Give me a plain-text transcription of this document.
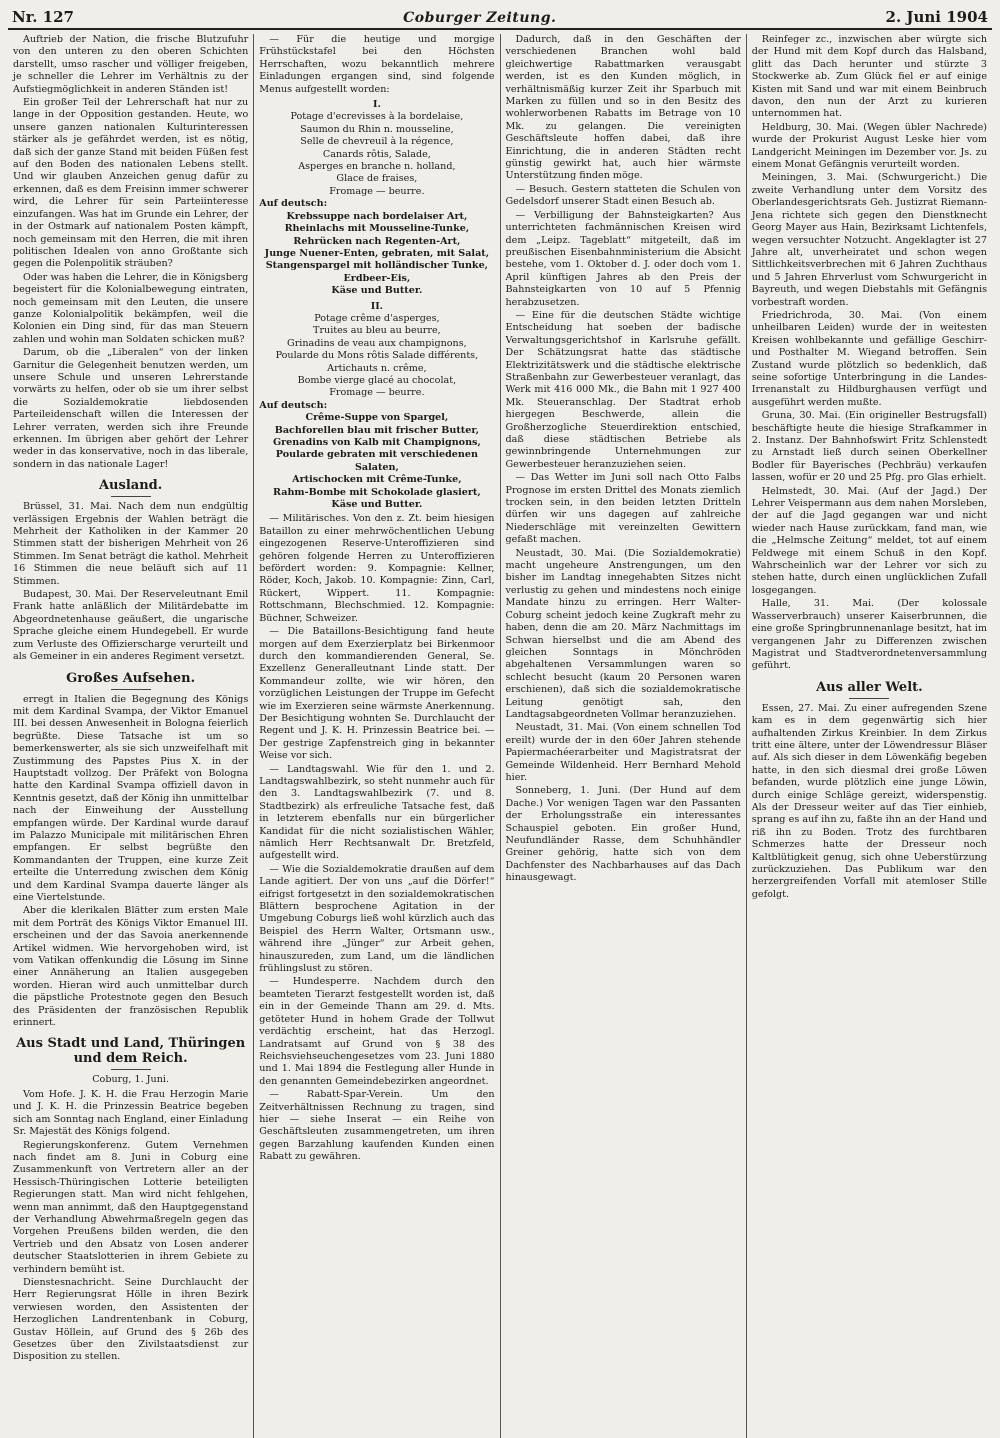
Nr. 127	Coburger Zeitung.	2. Juni 1904

Auftrieb der Nation, die frische Blutzufuhr von den unteren zu den oberen Schichten darstellt, umso rascher und völliger freigeben, je schneller die Lehrer im Verhältnis zu der Aufstiegmöglichkeit in anderen Ständen ist!

Ein großer Teil der Lehrerschaft hat nur zu lange in der Opposition gestanden. Heute, wo unsere ganzen nationalen Kulturinteressen stärker als je gefährdet werden, ist es nötig, daß sich der ganze Stand mit beiden Füßen fest auf den Boden des nationalen Lebens stellt. Und wir glauben Anzeichen genug dafür zu erkennen, daß es dem Freisinn immer schwerer wird, die Lehrer für sein Parteiinteresse einzufangen. Was hat im Grunde ein Lehrer, der in der Ostmark auf nationalem Posten kämpft, noch gemeinsam mit den Herren, die mit ihren politischen Idealen von anno Großtante sich gegen die Polenpolitik sträuben?

Oder was haben die Lehrer, die in Königsberg begeistert für die Kolonialbewegung eintraten, noch gemeinsam mit den Leuten, die unsere ganze Kolonialpolitik bekämpfen, weil die Kolonien ein Ding sind, für das man Steuern zahlen und wohin man Soldaten schicken muß?

Darum, ob die „Liberalen“ von der linken Garnitur die Gelegenheit benutzen werden, um unsere Schule und unseren Lehrerstande vorwärts zu helfen, oder ob sie um ihrer selbst die Sozialdemokratie liebdosenden Parteileidenschaft willen die Interessen der Lehrer verraten, werden sich ihre Freunde erkennen. Im übrigen aber gehört der Lehrer weder in das konservative, noch in das liberale, sondern in das nationale Lager!

Ausland.

Brüssel, 31. Mai. Nach dem nun endgültig verlässigen Ergebnis der Wahlen beträgt die Mehrheit der Katholiken in der Kammer 20 Stimmen statt der bisherigen Mehrheit von 26 Stimmen. Im Senat beträgt die kathol. Mehrheit 16 Stimmen die neue beläuft sich auf 11 Stimmen.

Budapest, 30. Mai. Der Reserveleutnant Emil Frank hatte anläßlich der Militärdebatte im Abgeordnetenhause geäußert, die ungarische Sprache gleiche einem Hundegebell. Er wurde zum Verluste des Offizierscharge verurteilt und als Gemeiner in ein anderes Regiment versetzt.

Großes Aufsehen.

erregt in Italien die Begegnung des Königs mit dem Kardinal Svampa, der Viktor Emanuel III. bei dessen Anwesenheit in Bologna feierlich begrüßte. Diese Tatsache ist um so bemerkenswerter, als sie sich unzweifelhaft mit Zustimmung des Papstes Pius X. in der Hauptstadt vollzog. Der Präfekt von Bologna hatte den Kardinal Svampa offiziell davon in Kenntnis gesetzt, daß der König ihn unmittelbar nach der Einweihung der Ausstellung empfangen würde. Der Kardinal wurde darauf im Palazzo Municipale mit militärischen Ehren empfangen. Er selbst begrüßte den Kommandanten der Truppen, eine kurze Zeit erteilte die Unterredung zwischen dem König und dem Kardinal Svampa dauerte länger als eine Viertelstunde.

Aber die klerikalen Blätter zum ersten Male mit dem Porträt des Königs Viktor Emanuel III. erscheinen und der das Savoia anerkennende Artikel widmen. Wie hervorgehoben wird, ist vom Vatikan offenkundig die Lösung im Sinne einer Annäherung an Italien ausgegeben worden. Hieran wird auch unmittelbar durch die päpstliche Protestnote gegen den Besuch des Präsidenten der französischen Republik erinnert.

Aus Stadt und Land, Thüringen und dem Reich.
Coburg, 1. Juni.

Vom Hofe. J. K. H. die Frau Herzogin Marie und J. K. H. die Prinzessin Beatrice begeben sich am Sonntag nach England, einer Einladung Sr. Majestät des Königs folgend.

Regierungskonferenz. Gutem Vernehmen nach findet am 8. Juni in Coburg eine Zusammenkunft von Vertretern aller an der Hessisch-Thüringischen Lotterie beteiligten Regierungen statt. Man wird nicht fehlgehen, wenn man annimmt, daß den Hauptgegenstand der Verhandlung Abwehrmaßregeln gegen das Vorgehen Preußens bilden werden, die den Vertrieb und den Absatz von Losen anderer deutscher Staatslotterien in ihrem Gebiete zu verhindern bemüht ist.

Dienstesnachricht. Seine Durchlaucht der Herr Regierungsrat Hölle in ihren Bezirk verwiesen worden, den Assistenten der Herzoglichen Landrentenbank in Coburg, Gustav Höllein, auf Grund des § 26b des Gesetzes über den Zivilstaatsdienst zur Disposition zu stellen.

— Für die heutige und morgige Frühstückstafel bei den Höchsten Herrschaften, wozu bekanntlich mehrere Einladungen ergangen sind, sind folgende Menus aufgestellt worden:

I.
Potage d'ecrevisses à la bordelaise,
Saumon du Rhin n. mousseline,
Selle de chevreuil à la régence,
Canards rôtis, Salade,
Asperges en branche n. holland,
Glace de fraises,
Fromage — beurre.
Auf deutsch:
Krebssuppe nach bordelaiser Art,
Rheinlachs mit Mousseline-Tunke,
Rehrücken nach Regenten-Art,
Junge Nuener-Enten, gebraten, mit Salat,
Stangenspargel mit holländischer Tunke,
Erdbeer-Eis,
Käse und Butter.
II.
Potage crême d'asperges,
Truites au bleu au beurre,
Grinadins de veau aux champignons,
Poularde du Mons rôtis Salade différents,
Artichauts n. crême,
Bombe vierge glacé au chocolat,
Fromage — beurre.
Auf deutsch:
Crême-Suppe von Spargel,
Bachforellen blau mit frischer Butter,
Grenadins von Kalb mit Champignons,
Poularde gebraten mit verschiedenen Salaten,
Artischocken mit Crême-Tunke,
Rahm-Bombe mit Schokolade glasiert,
Käse und Butter.

— Militärisches. Von den z. Zt. beim hiesigen Bataillon zu einer mehrwöchentlichen Uebung eingezogenen Reserve-Unteroffizieren sind gehören folgende Herren zu Unteroffizieren befördert worden: 9. Kompagnie: Kellner, Röder, Koch, Jakob. 10. Kompagnie: Zinn, Carl, Rückert, Wippert. 11. Kompagnie: Rottschmann, Blechschmied. 12. Kompagnie: Büchner, Schweizer.

— Die Bataillons-Besichtigung fand heute morgen auf dem Exerzierplatz bei Birkenmoor durch den kommandierenden General, Se. Exzellenz Generalleutnant Linde statt. Der Kommandeur zollte, wie wir hören, den vorzüglichen Leistungen der Truppe im Gefecht wie im Exerzieren seine wärmste Anerkennung. Der Besichtigung wohnten Se. Durchlaucht der Regent und J. K. H. Prinzessin Beatrice bei. — Der gestrige Zapfenstreich ging in bekannter Weise vor sich.

— Landtagswahl. Wie für den 1. und 2. Landtagswahlbezirk, so steht nunmehr auch für den 3. Landtagswahlbezirk (7. und 8. Stadtbezirk) als erfreuliche Tatsache fest, daß in letzterem ebenfalls nur ein bürgerlicher Kandidat für die nicht sozialistischen Wähler, nämlich Herr Rechtsanwalt Dr. Bretzfeld, aufgestellt wird.

— Wie die Sozialdemokratie draußen auf dem Lande agitiert. Der von uns „auf die Dörfer!“ eifrigst fortgesetzt in den sozialdemokratischen Blättern besprochene Agitation in der Umgebung Coburgs ließ wohl kürzlich auch das Beispiel des Herrn Walter, Ortsmann usw., während ihre „Jünger“ zur Arbeit gehen, hinauszureden, zum Land, um die ländlichen frühlingslust zu stören.

— Hundesperre. Nachdem durch den beamteten Tierarzt festgestellt worden ist, daß ein in der Gemeinde Thann am 29. d. Mts. getöteter Hund in hohem Grade der Tollwut verdächtig erscheint, hat das Herzogl. Landratsamt auf Grund von § 38 des Reichsviehseuchengesetzes vom 23. Juni 1880 und 1. Mai 1894 die Festlegung aller Hunde in den genannten Gemeindebezirken angeordnet.

— Rabatt-Spar-Verein. Um den Zeitverhältnissen Rechnung zu tragen, sind hier — siehe Inserat — ein Reihe von Geschäftsleuten zusammengetreten, um ihren gegen Barzahlung kaufenden Kunden einen Rabatt zu gewähren.

Dadurch, daß in den Geschäften der verschiedenen Branchen wohl bald gleichwertige Rabattmarken verausgabt werden, ist es den Kunden möglich, in verhältnismäßig kurzer Zeit ihr Sparbuch mit Marken zu füllen und so in den Besitz des wohlerworbenen Rabatts im Betrage von 10 Mk. zu gelangen. Die vereinigten Geschäftsleute hoffen dabei, daß ihre Einrichtung, die in anderen Städten recht günstig gewirkt hat, auch hier wärmste Unterstützung finden möge.

— Besuch. Gestern statteten die Schulen von Gedelsdorf unserer Stadt einen Besuch ab.

— Verbilligung der Bahnsteigkarten? Aus unterrichteten fachmännischen Kreisen wird dem „Leipz. Tageblatt“ mitgeteilt, daß im preußischen Eisenbahnministerium die Absicht bestehe, vom 1. Oktober d. J. oder doch vom 1. April künftigen Jahres ab den Preis der Bahnsteigkarten von 10 auf 5 Pfennig herabzusetzen.

— Eine für die deutschen Städte wichtige Entscheidung hat soeben der badische Verwaltungsgerichtshof in Karlsruhe gefällt. Der Schätzungsrat hatte das städtische Elektrizitätswerk und die städtische elektrische Straßenbahn zur Gewerbesteuer veranlagt, das Werk mit 416 000 Mk., die Bahn mit 1 927 400 Mk. Steueranschlag. Der Stadtrat erhob hiergegen Beschwerde, allein die Großherzogliche Steuerdirektion entschied, daß diese städtischen Betriebe als gewinnbringende Unternehmungen zur Gewerbesteuer heranzuziehen seien.

— Das Wetter im Juni soll nach Otto Falbs Prognose im ersten Drittel des Monats ziemlich trocken sein, in den beiden letzten Dritteln dürfen wir uns dagegen auf zahlreiche Niederschläge mit vereinzelten Gewittern gefaßt machen.

Neustadt, 30. Mai. (Die Sozialdemokratie) macht ungeheure Anstrengungen, um den bisher im Landtag innegehabten Sitzes nicht verlustig zu gehen und mindestens noch einige Mandate hinzu zu erringen. Herr Walter-Coburg scheint jedoch keine Zugkraft mehr zu haben, denn die am 20. März Nachmittags im Schwan hierselbst und die am Abend des gleichen Sonntags in Mönchröden abgehaltenen Versammlungen waren so schlecht besucht (kaum 20 Personen waren erschienen), daß sich die sozialdemokratische Leitung genötigt sah, den Landtagsabgeordneten Vollmar heranzuziehen.

Neustadt, 31. Mai. (Von einem schnellen Tod ereilt) wurde der in den 60er Jahren stehende Papiermachéerarbeiter und Magistratsrat der Gemeinde Wildenheid. Herr Bernhard Mehold hier.

Sonneberg, 1. Juni. (Der Hund auf dem Dache.) Vor wenigen Tagen war den Passanten der Erholungsstraße ein interessantes Schauspiel geboten. Ein großer Hund, Neufundländer Rasse, dem Schuhhändler Greiner gehörig, hatte sich von dem Dachfenster des Nachbarhauses auf das Dach hinausgewagt.

Reinfeger zc., inzwischen aber würgte sich der Hund mit dem Kopf durch das Halsband, glitt das Dach herunter und stürzte 3 Stockwerke ab. Zum Glück fiel er auf einige Kisten mit Sand und war mit einem Beinbruch davon, den nun der Arzt zu kurieren unternommen hat.

Heldburg, 30. Mai. (Wegen übler Nachrede) wurde der Prokurist August Leske hier vom Landgericht Meiningen im Dezember vor. Js. zu einem Monat Gefängnis verurteilt worden.

Meiningen, 3. Mai. (Schwurgericht.) Die zweite Verhandlung unter dem Vorsitz des Oberlandesgerichtsrats Geh. Justizrat Riemann-Jena richtete sich gegen den Dienstknecht Georg Mayer aus Hain, Bezirksamt Lichtenfels, wegen versuchter Notzucht. Angeklagter ist 27 Jahre alt, unverheiratet und schon wegen Sittlichkeitsverbrechen mit 6 Jahren Zuchthaus und 5 Jahren Ehrverlust vom Schwurgericht in Bayreuth, und wegen Diebstahls mit Gefängnis vorbestraft worden.

Friedrichroda, 30. Mai. (Von einem unheilbaren Leiden) wurde der in weitesten Kreisen wohlbekannte und gefällige Geschirr- und Posthalter M. Wiegand betroffen. Sein Zustand wurde plötzlich so bedenklich, daß seine sofortige Unterbringung in die Landes-Irrenanstalt zu Hildburghausen verfügt und ausgeführt werden mußte.

Gruna, 30. Mai. (Ein origineller Bestrugsfall) beschäftigte heute die hiesige Strafkammer in 2. Instanz. Der Bahnhofswirt Fritz Schlenstedt zu Arnstadt ließ durch seinen Oberkellner Bodler für Bayerisches (Pechbräu) verkaufen lassen, wofür er 20 und 25 Pfg. pro Glas erhielt.

Helmstedt, 30. Mai. (Auf der Jagd.) Der Lehrer Veispermann aus dem nahen Morsleben, der auf die Jagd gegangen war und nicht wieder nach Hause zurückkam, fand man, wie die „Helmsche Zeitung“ meldet, tot auf einem Feldwege mit einem Schuß in den Kopf. Wahrscheinlich war der Lehrer vor sich zu stehen hatte, durch einen unglücklichen Zufall losgegangen.

Halle, 31. Mai. (Der kolossale Wasserverbrauch) unserer Kaiserbrunnen, die eine große Springbrunnenanlage besitzt, hat im vergangenen Jahr zu Differenzen zwischen Magistrat und Stadtverordnetenversammlung geführt.

Aus aller Welt.

Essen, 27. Mai. Zu einer aufregenden Szene kam es in dem gegenwärtig sich hier aufhaltenden Zirkus Kreinbier. In dem Zirkus tritt eine ältere, unter der Löwendressur Bläser auf. Als sich dieser in dem Löwenkäfig begeben hatte, in den sich diesmal drei große Löwen befanden, wurde plötzlich eine junge Löwin, durch einige Schläge gereizt, widerspenstig. Als der Dresseur weiter auf das Tier einhieb, sprang es auf ihn zu, faßte ihn an der Hand und riß ihn zu Boden. Trotz des furchtbaren Schmerzes hatte der Dresseur noch Kaltblütigkeit genug, sich ohne Ueberstürzung zurückzuziehen. Das Publikum war den herzergreifenden Vorfall mit atemloser Stille gefolgt.
